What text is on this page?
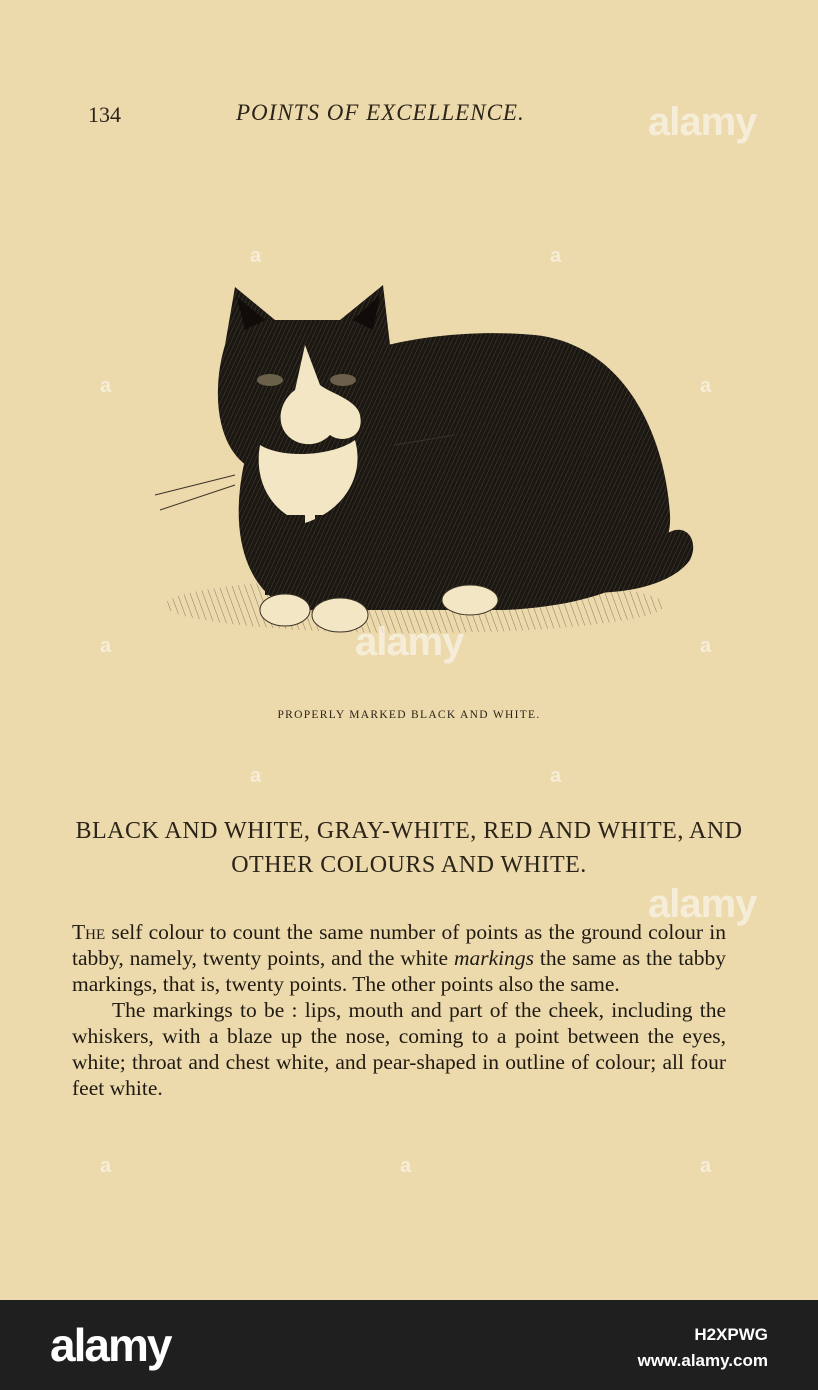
134	POINTS OF EXCELLENCE.
PROPERLY MARKED BLACK AND WHITE.
BLACK AND WHITE, GRAY-WHITE, RED AND WHITE, AND OTHER COLOURS AND WHITE.

The self colour to count the same number of points as the ground colour in tabby, namely, twenty points, and the white markings the same as the tabby markings, that is, twenty points. The other points also the same.

The markings to be : lips, mouth and part of the cheek, including the whiskers, with a blaze up the nose, coming to a point between the eyes, white; throat and chest white, and pear-shaped in outline of colour; all four feet white.

alamy
alamy
alamy
a	a
a	a
a	a
a	a
a	a	a
alamy	H2XPWG
www.alamy.com
